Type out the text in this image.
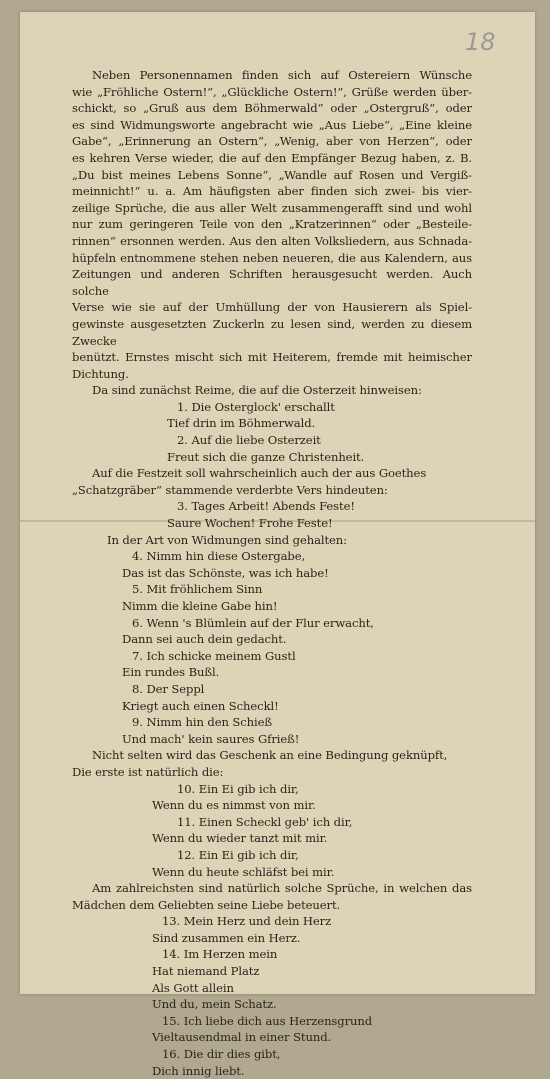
18
Neben Personennamen finden sich auf Ostereiern Wünsche
wie „Fröhliche Ostern!“, „Glückliche Ostern!“, Grüße werden über-
schickt, so „Gruß aus dem Böhmerwald“ oder „Ostergruß“, oder
es sind Widmungsworte angebracht wie „Aus Liebe“, „Eine kleine
Gabe“, „Erinnerung an Ostern“, „Wenig, aber von Herzen“, oder
es kehren Verse wieder, die auf den Empfänger Bezug haben, z. B.
„Du bist meines Lebens Sonne“, „Wandle auf Rosen und Vergiß-
meinnicht!“ u. a. Am häufigsten aber finden sich zwei- bis vier-
zeilige Sprüche, die aus aller Welt zusammengerafft sind und wohl
nur zum geringeren Teile von den „Kratzerinnen“ oder „Besteile-
rinnen“ ersonnen werden. Aus den alten Volksliedern, aus Schnada-
hüpfeln entnommene stehen neben neueren, die aus Kalendern, aus
Zeitungen und anderen Schriften herausgesucht werden. Auch solche
Verse wie sie auf der Umhüllung der von Hausierern als Spiel-
gewinste ausgesetzten Zuckerln zu lesen sind, werden zu diesem Zwecke
benützt. Ernstes mischt sich mit Heiterem, fremde mit heimischer
Dichtung.
Da sind zunächst Reime, die auf die Osterzeit hinweisen:
1. Die Osterglock' erschallt
Tief drin im Böhmerwald.
2. Auf die liebe Osterzeit
Freut sich die ganze Christenheit.
Auf die Festzeit soll wahrscheinlich auch der aus Goethes
„Schatzgräber“ stammende verderbte Vers hindeuten:
3. Tages Arbeit! Abends Feste!
Saure Wochen! Frohe Feste!
In der Art von Widmungen sind gehalten:
4. Nimm hin diese Ostergabe,
Das ist das Schönste, was ich habe!
5. Mit fröhlichem Sinn
Nimm die kleine Gabe hin!
6. Wenn 's Blümlein auf der Flur erwacht,
Dann sei auch dein gedacht.
7. Ich schicke meinem Gustl
Ein rundes Bußl.
8. Der Seppl
Kriegt auch einen Scheckl!
9. Nimm hin den Schieß
Und mach' kein saures Gfrieß!
Nicht selten wird das Geschenk an eine Bedingung geknüpft,
Die erste ist natürlich die:
10. Ein Ei gib ich dir,
Wenn du es nimmst von mir.
11. Einen Scheckl geb' ich dir,
Wenn du wieder tanzt mit mir.
12. Ein Ei gib ich dir,
Wenn du heute schläfst bei mir.
Am zahlreichsten sind natürlich solche Sprüche, in welchen das
Mädchen dem Geliebten seine Liebe beteuert.
13. Mein Herz und dein Herz
Sind zusammen ein Herz.
14. Im Herzen mein
Hat niemand Platz
Als Gott allein
Und du, mein Schatz.
15. Ich liebe dich aus Herzensgrund
Vieltausendmal in einer Stund.
16. Die dir dies gibt,
Dich innig liebt.
